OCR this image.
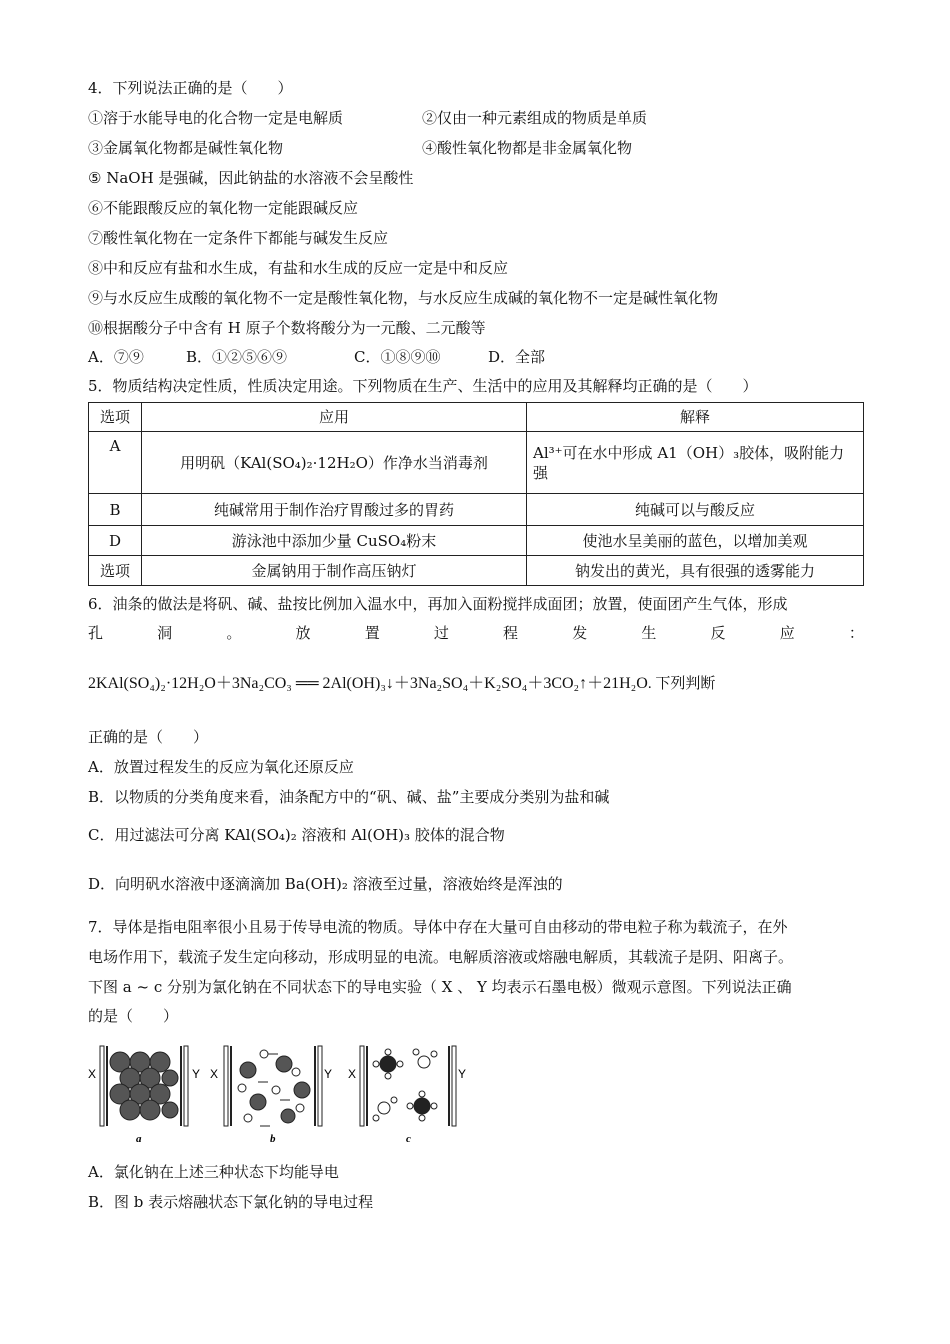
4．下列说法正确的是（　　）
①溶于水能导电的化合物一定是电解质	②仅由一种元素组成的物质是单质
③金属氧化物都是碱性氧化物	④酸性氧化物都是非金属氧化物
⑤ NaOH 是强碱，因此钠盐的水溶液不会呈酸性
⑥不能跟酸反应的氧化物一定能跟碱反应
⑦酸性氧化物在一定条件下都能与碱发生反应
⑧中和反应有盐和水生成，有盐和水生成的反应一定是中和反应
⑨与水反应生成酸的氧化物不一定是酸性氧化物，与水反应生成碱的氧化物不一定是碱性氧化物
⑩根据酸分子中含有 H 原子个数将酸分为一元酸、二元酸等
A．⑦⑨	B．①②⑤⑥⑨	C．①⑧⑨⑩	D．全部
5．物质结构决定性质，性质决定用途。下列物质在生产、生活中的应用及其解释均正确的是（　　）
选项	应用	解释
A	用明矾（KAl(SO₄)₂·12H₂O）作净水当消毒剂	Al³⁺可在水中形成 A1（OH）₃胶体，吸附能力强
B	纯碱常用于制作治疗胃酸过多的胃药	纯碱可以与酸反应
D	游泳池中添加少量 CuSO₄粉末	使池水呈美丽的蓝色，以增加美观
选项	金属钠用于制作高压钠灯	钠发出的黄光，具有很强的透雾能力
6．油条的做法是将矾、碱、盐按比例加入温水中，再加入面粉搅拌成面团；放置，使面团产生气体，形成
孔	洞	。	放	置	过	程	发	生	反	应	：
2KAl(SO₄)₂·12H₂O＋3Na₂CO₃ ══ 2Al(OH)₃↓＋3Na₂SO₄＋K₂SO₄＋3CO₂↑＋21H₂O. 下列判断
正确的是（　　）
A．放置过程发生的反应为氧化还原反应
B．以物质的分类角度来看，油条配方中的“矾、碱、盐”主要成分类别为盐和碱
C．用过滤法可分离 KAl(SO₄)₂ 溶液和 Al(OH)₃ 胶体的混合物
D．向明矾水溶液中逐滴滴加 Ba(OH)₂ 溶液至过量，溶液始终是浑浊的
7．导体是指电阻率很小且易于传导电流的物质。导体中存在大量可自由移动的带电粒子称为载流子，在外
电场作用下，载流子发生定向移动，形成明显的电流。电解质溶液或熔融电解质，其载流子是阴、阳离子。
下图 a ~ c 分别为氯化钠在不同状态下的导电实验（ X 、 Y 均表示石墨电极）微观示意图。下列说法正确
的是（　　）
X	Y
a
Y
b
X	Y
c
X
A．氯化钠在上述三种状态下均能导电
B．图 b 表示熔融状态下氯化钠的导电过程
